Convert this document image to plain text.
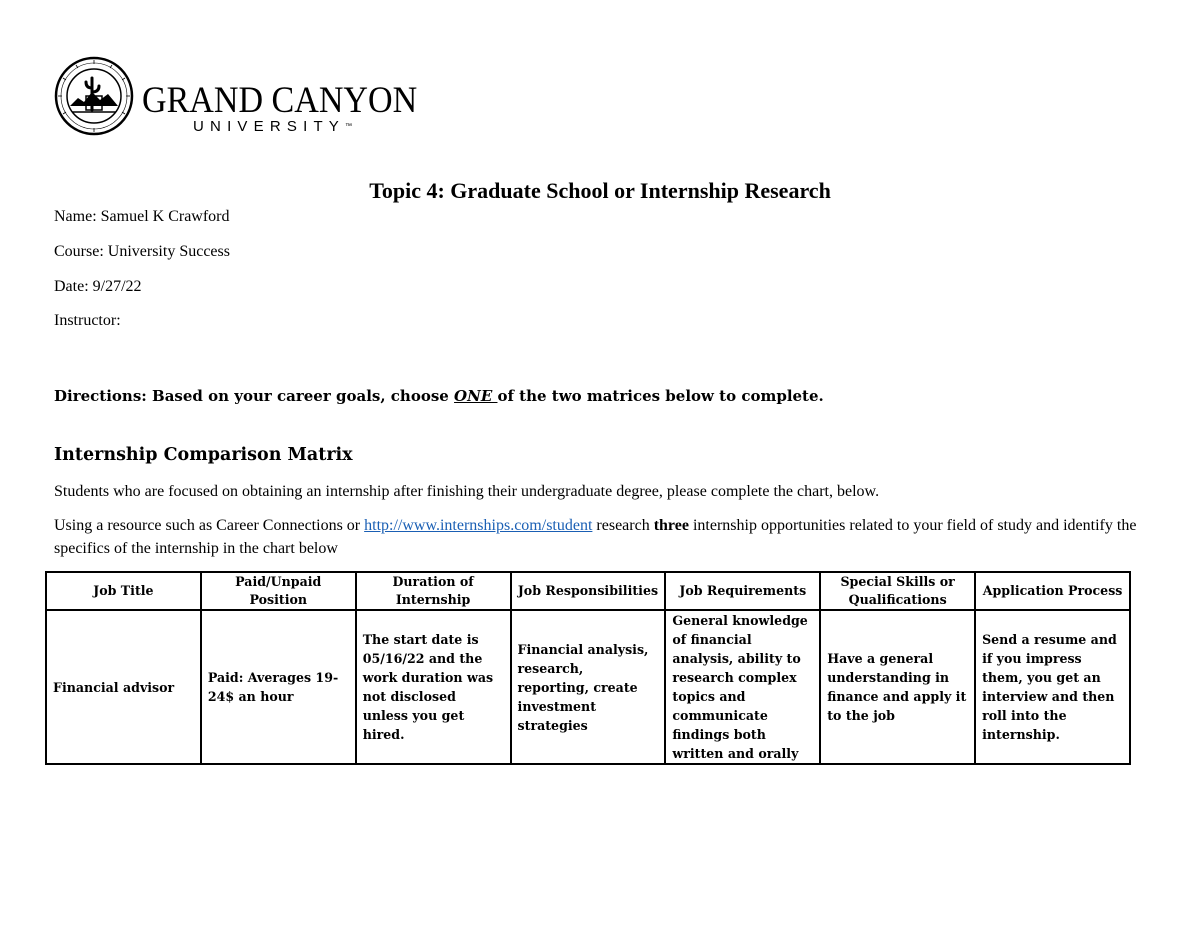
GRAND CANYON
UNIVERSITY™
Topic 4: Graduate School or Internship Research
Name: Samuel K Crawford
Course: University Success
Date: 9/27/22
Instructor:
Directions: Based on your career goals, choose ONE of the two matrices below to complete.
Internship Comparison Matrix
Students who are focused on obtaining an internship after finishing their undergraduate degree, please complete the chart, below.
Using a resource such as Career Connections or http://www.internships.com/student research three internship opportunities related to your field of study and identify the specifics of the internship in the chart below
Job Title	Paid/Unpaid Position	Duration of Internship	Job Responsibilities	Job Requirements	Special Skills or Qualifications	Application Process
Financial advisor	Paid: Averages 19-24$ an hour	The start date is 05/16/22 and the work duration was not disclosed unless you get hired.	Financial analysis, research, reporting, create investment strategies	General knowledge of financial analysis, ability to research complex topics and communicate findings both written and orally	Have a general understanding in finance and apply it to the job	Send a resume and if you impress them, you get an interview and then roll into the internship.
